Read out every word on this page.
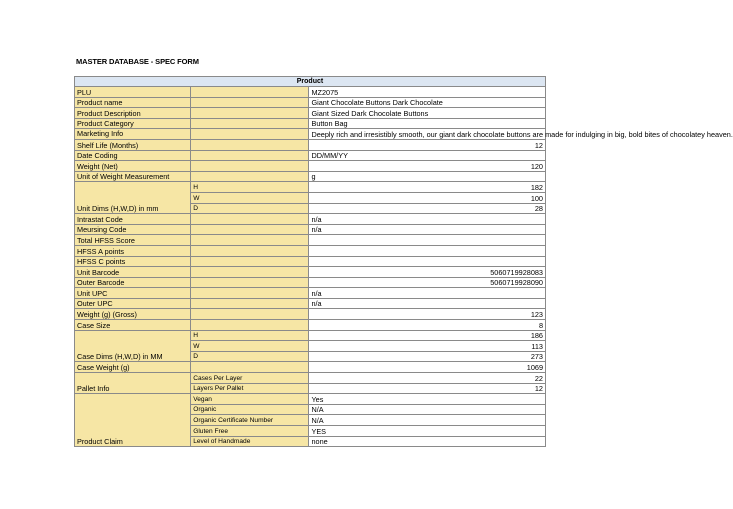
MASTER DATABASE - SPEC FORM
Product		
PLU		MZ2075
Product name		Giant Chocolate Buttons Dark Chocolate
Product Description		Giant Sized Dark Chocolate Buttons
Product Category		Button Bag
Marketing Info		Deeply rich and irresistibly smooth, our giant dark chocolate buttons are made for indulging in big, bold bites of chocolatey heaven.
Shelf Life (Months)		12
Date Coding		DD/MM/YY
Weight (Net)		120
Unit of Weight Measurement		g
Unit Dims (H,W,D) in mm	H	182
	W	100
	D	28
Intrastat Code		n/a
Meursing Code		n/a
Total HFSS Score		
HFSS A points		
HFSS C points		
Unit Barcode		5060719928083
Outer Barcode		5060719928090
Unit UPC		n/a
Outer UPC		n/a
Weight (g) (Gross)		123
Case Size		8
Case Dims (H,W,D) in MM	H	186
	W	113
	D	273
Case Weight (g)		1069
Pallet Info	Cases Per Layer	22
	Layers Per Pallet	12
Product Claim	Vegan	Yes
	Organic	N/A
	Organic Certificate Number	N/A
	Gluten Free	YES
	Level of Handmade	none
